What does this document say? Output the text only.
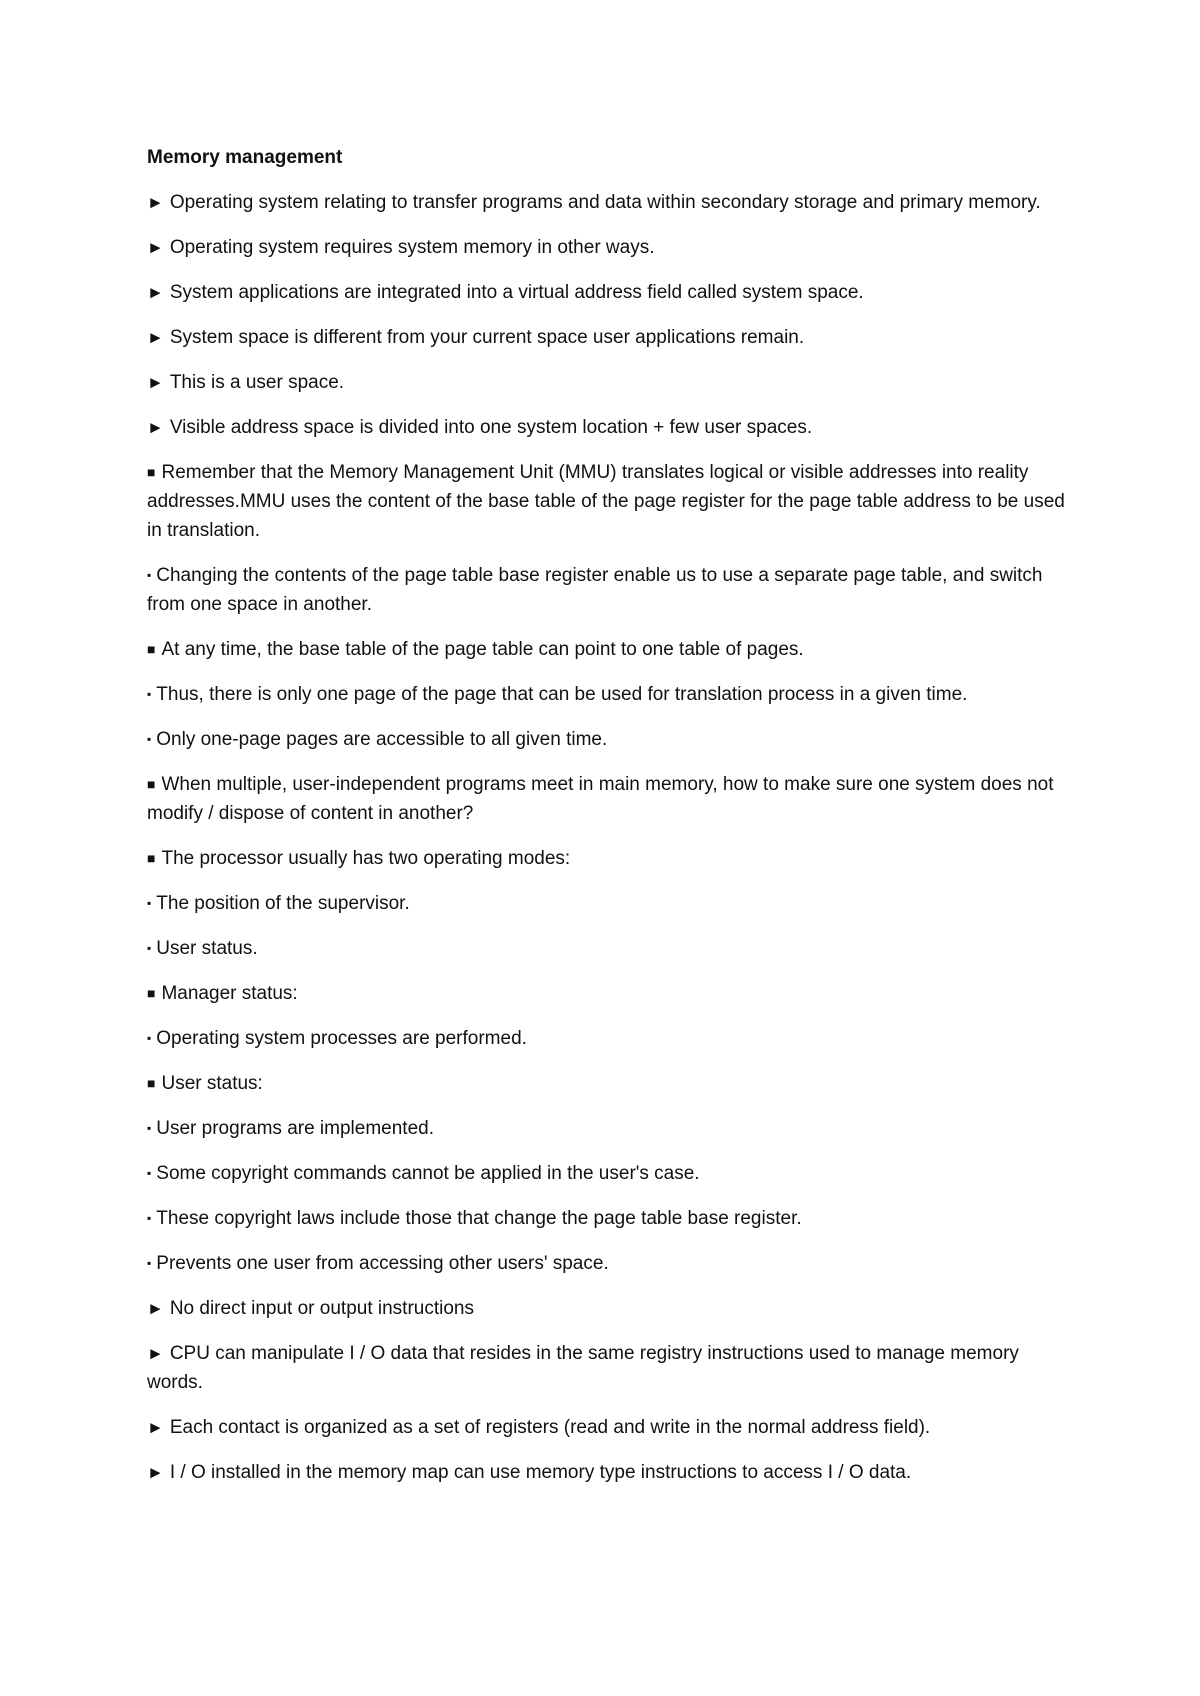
Memory management
► Operating system relating to transfer programs and data within secondary storage and primary memory.
► Operating system requires system memory in other ways.
► System applications are integrated into a virtual address field called system space.
► System space is different from your current space user applications remain.
► This is a user space.
► Visible address space is divided into one system location + few user spaces.
■ Remember that the Memory Management Unit (MMU) translates logical or visible addresses into reality addresses.MMU uses the content of the base table of the page register for the page table address to be used in translation.
▪ Changing the contents of the page table base register enable us to use a separate page table, and switch from one space in another.
■ At any time, the base table of the page table can point to one table of pages.
▪ Thus, there is only one page of the page that can be used for translation process in a given time.
▪ Only one-page pages are accessible to all given time.
■ When multiple, user-independent programs meet in main memory, how to make sure one system does not modify / dispose of content in another?
■ The processor usually has two operating modes:
▪ The position of the supervisor.
▪ User status.
■ Manager status:
▪ Operating system processes are performed.
■ User status:
▪ User programs are implemented.
▪ Some copyright commands cannot be applied in the user's case.
▪ These copyright laws include those that change the page table base register.
▪ Prevents one user from accessing other users' space.
► No direct input or output instructions
► CPU can manipulate I / O data that resides in the same registry instructions used to manage memory words.
► Each contact is organized as a set of registers (read and write in the normal address field).
► I / O installed in the memory map can use memory type instructions to access I / O data.
